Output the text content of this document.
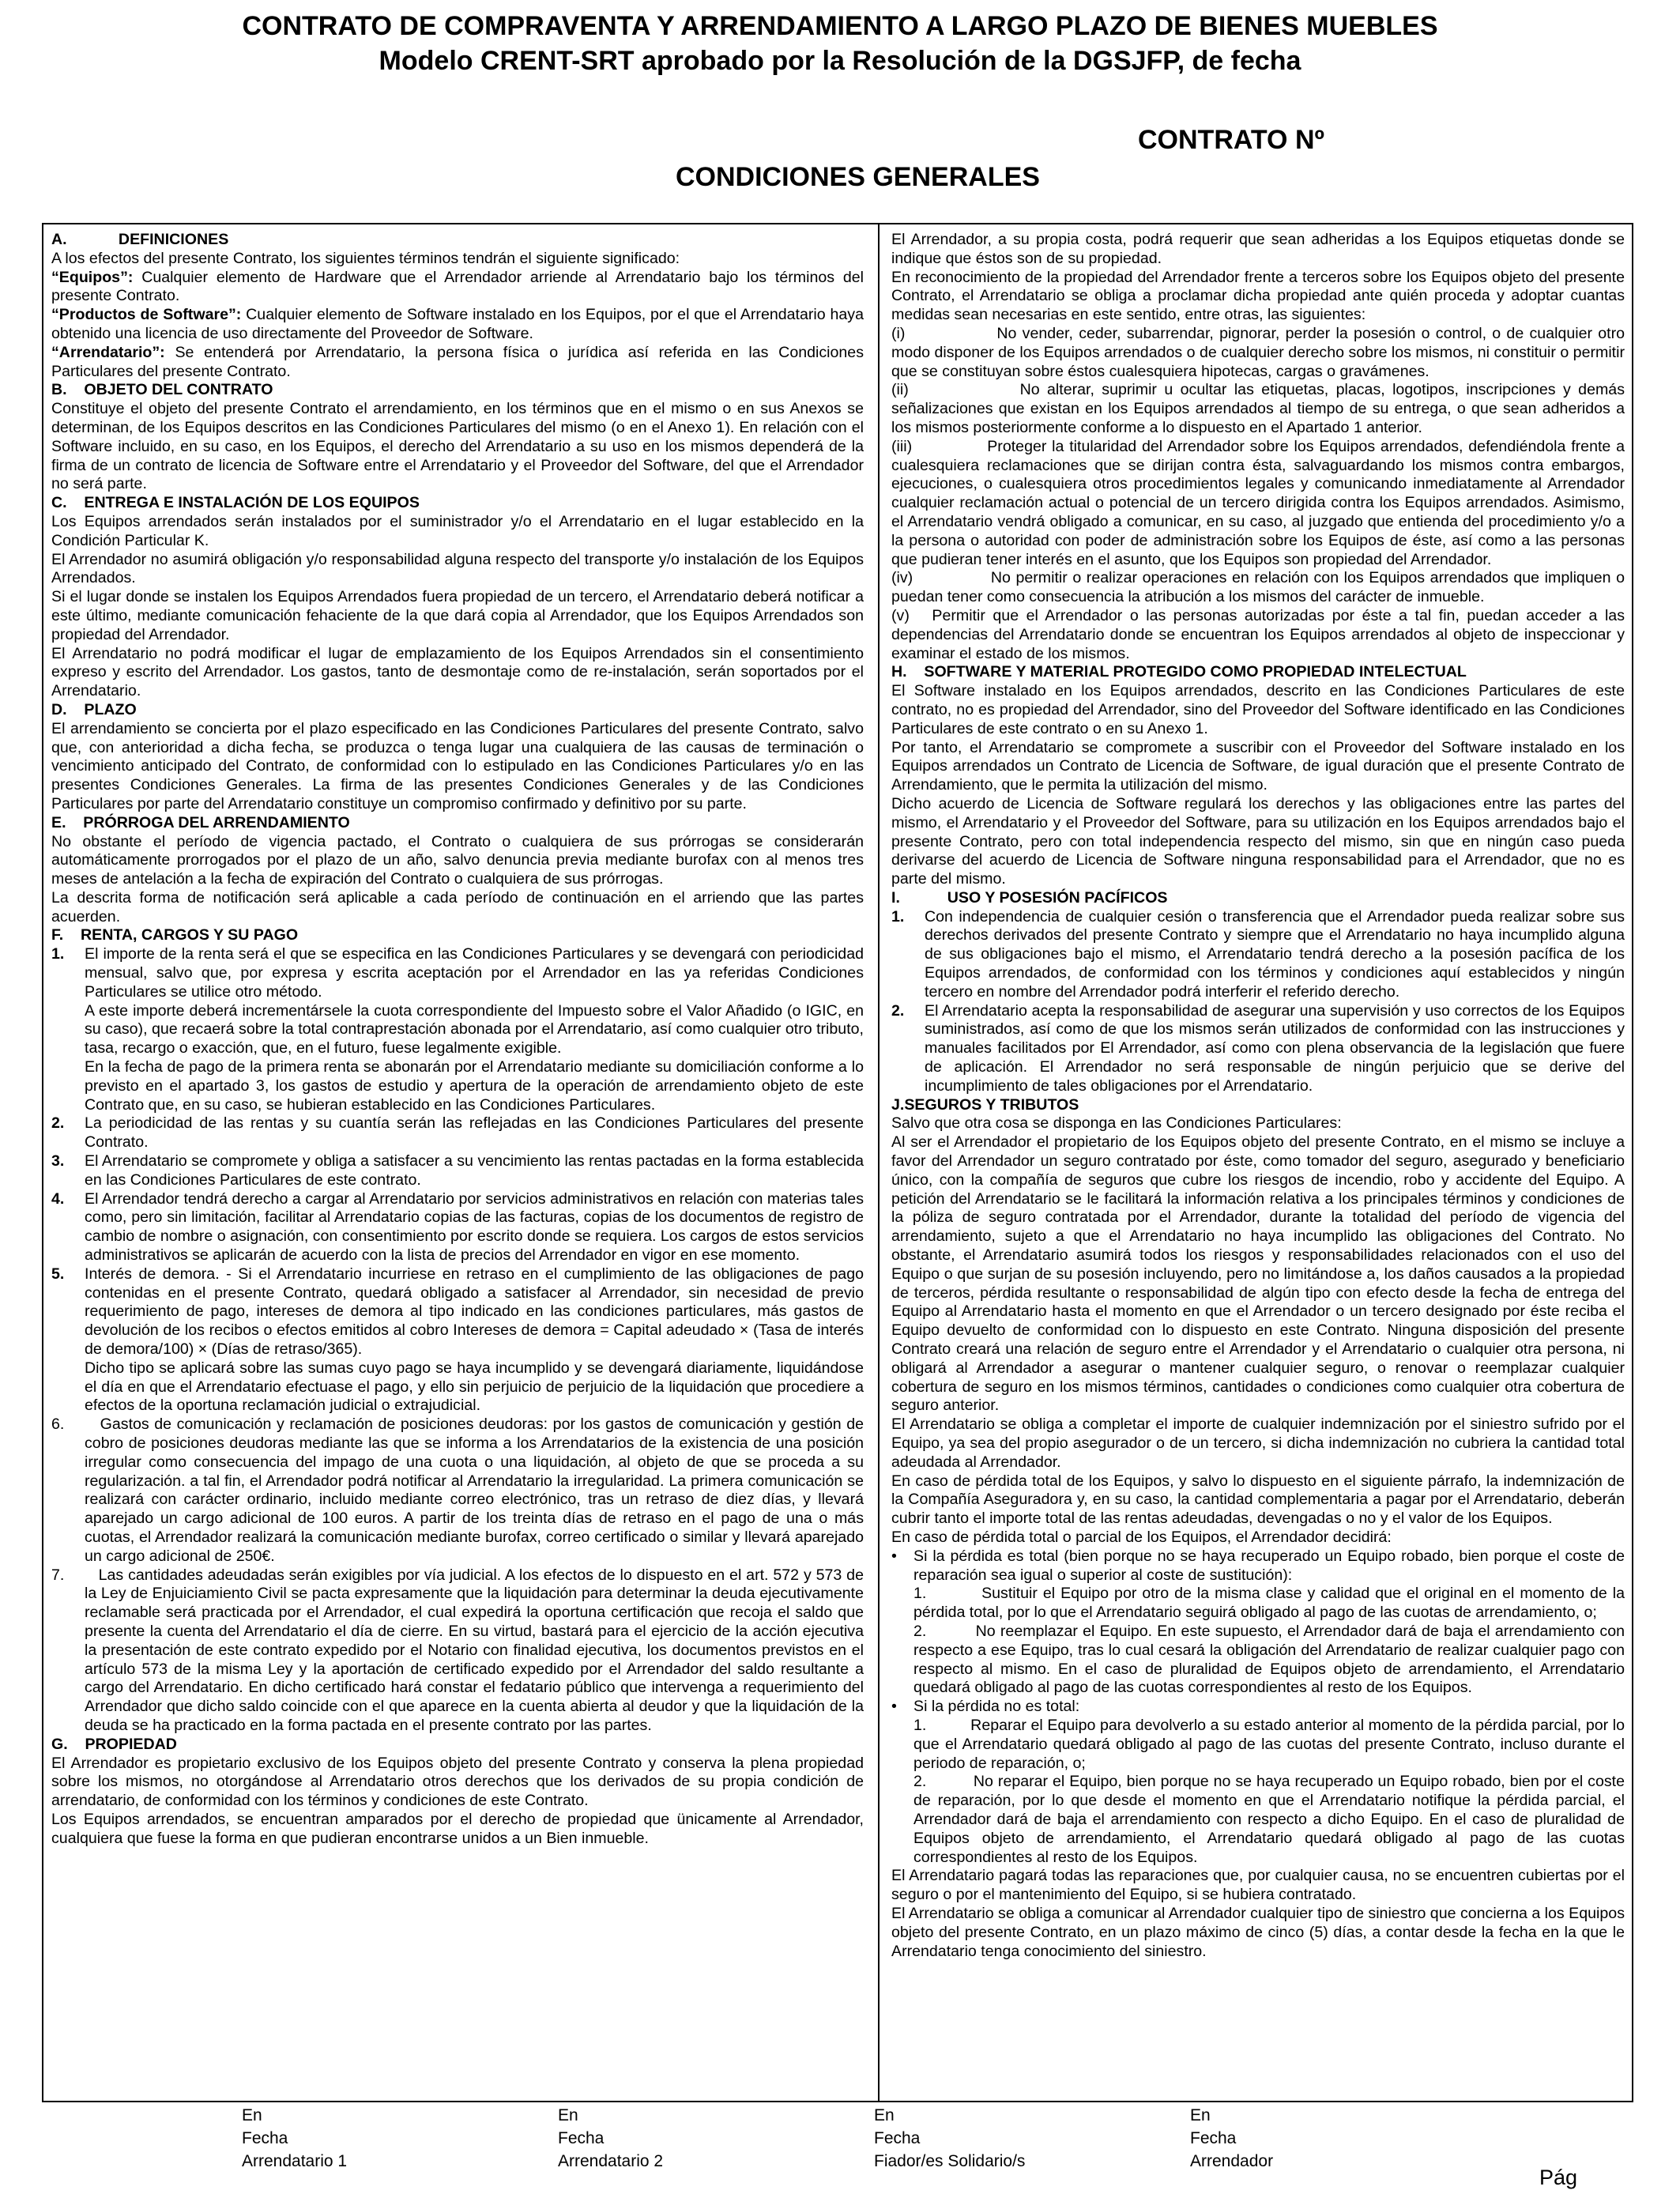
CONTRATO DE COMPRAVENTA Y ARRENDAMIENTO A LARGO PLAZO DE BIENES MUEBLES
Modelo CRENT-SRT aprobado por la Resolución de la DGSJFP, de fecha
CONTRATO Nº
CONDICIONES GENERALES

A.            DEFINICIONES

A los efectos del presente Contrato, los siguientes términos tendrán el siguiente significado:

“Equipos”: Cualquier elemento de Hardware que el Arrendador arriende al Arrendatario bajo los términos del presente Contrato.

“Productos de Software”: Cualquier elemento de Software instalado en los Equipos, por el que el Arrendatario haya obtenido una licencia de uso directamente del Proveedor de Software.

“Arrendatario”: Se entenderá por Arrendatario, la persona física o jurídica así referida en las Condiciones Particulares del presente Contrato.

B.    OBJETO DEL CONTRATO

Constituye el objeto del presente Contrato el arrendamiento, en los términos que en el mismo o en sus Anexos se determinan, de los Equipos descritos en las Condiciones Particulares del mismo (o en el Anexo 1). En relación con el Software incluido, en su caso, en los Equipos, el derecho del Arrendatario a su uso en los mismos dependerá de la firma de un contrato de licencia de Software entre el Arrendatario y el Proveedor del Software, del que el Arrendador no será parte.

C.    ENTREGA E INSTALACIÓN DE LOS EQUIPOS

Los Equipos arrendados serán instalados por el suministrador y/o el Arrendatario en el lugar establecido en la Condición Particular K.

El Arrendador no asumirá obligación y/o responsabilidad alguna respecto del transporte y/o instalación de los Equipos Arrendados.

Si el lugar donde se instalen los Equipos Arrendados fuera propiedad de un tercero, el Arrendatario deberá notificar a este último, mediante comunicación fehaciente de la que dará copia al Arrendador, que los Equipos Arrendados son propiedad del Arrendador.

El Arrendatario no podrá modificar el lugar de emplazamiento de los Equipos Arrendados sin el consentimiento expreso y escrito del Arrendador. Los gastos, tanto de desmontaje como de re-instalación, serán soportados por el Arrendatario.

D.    PLAZO

El arrendamiento se concierta por el plazo especificado en las Condiciones Particulares del presente Contrato, salvo que, con anterioridad a dicha fecha, se produzca o tenga lugar una cualquiera de las causas de terminación o vencimiento anticipado del Contrato, de conformidad con lo estipulado en las Condiciones Particulares y/o en las presentes Condiciones Generales. La firma de las presentes Condiciones Generales y de las Condiciones Particulares por parte del Arrendatario constituye un compromiso confirmado y definitivo por su parte.

E.    PRÓRROGA DEL ARRENDAMIENTO

No obstante el período de vigencia pactado, el Contrato o cualquiera de sus prórrogas se considerarán automáticamente prorrogados por el plazo de un año, salvo denuncia previa mediante burofax con al menos tres meses de antelación a la fecha de expiración del Contrato o cualquiera de sus prórrogas.

La descrita forma de notificación será aplicable a cada período de continuación en el arriendo que las partes acuerden.

F.    RENTA, CARGOS Y SU PAGO

1.	El importe de la renta será el que se especifica en las Condiciones Particulares y se devengará con periodicidad mensual, salvo que, por expresa y escrita aceptación por el Arrendador en las ya referidas Condiciones Particulares se utilice otro método.

A este importe deberá incrementársele la cuota correspondiente del Impuesto sobre el Valor Añadido (o IGIC, en su caso), que recaerá sobre la total contraprestación abonada por el Arrendatario, así como cualquier otro tributo, tasa, recargo o exacción, que, en el futuro, fuese legalmente exigible.

En la fecha de pago de la primera renta se abonarán por el Arrendatario mediante su domiciliación conforme a lo previsto en el apartado 3, los gastos de estudio y apertura de la operación de arrendamiento objeto de este Contrato que, en su caso, se hubieran establecido en las Condiciones Particulares.

2.	La periodicidad de las rentas y su cuantía serán las reflejadas en las Condiciones Particulares del presente Contrato.
3.	El Arrendatario se compromete y obliga a satisfacer a su vencimiento las rentas pactadas en la forma establecida en las Condiciones Particulares de este contrato.
4.	El Arrendador tendrá derecho a cargar al Arrendatario por servicios administrativos en relación con materias tales como, pero sin limitación, facilitar al Arrendatario copias de las facturas, copias de los documentos de registro de cambio de nombre o asignación, con consentimiento por escrito donde se requiera. Los cargos de estos servicios administrativos se aplicarán de acuerdo con la lista de precios del Arrendador en vigor en ese momento.
5.	Interés de demora. - Si el Arrendatario incurriese en retraso en el cumplimiento de las obligaciones de pago contenidas en el presente Contrato, quedará obligado a satisfacer al Arrendador, sin necesidad de previo requerimiento de pago, intereses de demora al tipo indicado en las condiciones particulares, más gastos de devolución de los recibos o efectos emitidos al cobro Intereses de demora = Capital adeudado × (Tasa de interés de demora/100) × (Días de retraso/365).

Dicho tipo se aplicará sobre las sumas cuyo pago se haya incumplido y se devengará diariamente, liquidándose el día en que el Arrendatario efectuase el pago, y ello sin perjuicio de perjuicio de la liquidación que procediere a efectos de la oportuna reclamación judicial o extrajudicial.

6.	Gastos de comunicación y reclamación de posiciones deudoras: por los gastos de comunicación y gestión de cobro de posiciones deudoras mediante las que se informa a los Arrendatarios de la existencia de una posición irregular como consecuencia del impago de una cuota o una liquidación, al objeto de que se proceda a su regularización. a tal fin, el Arrendador podrá notificar al Arrendatario la irregularidad. La primera comunicación se realizará con carácter ordinario, incluido mediante correo electrónico, tras un retraso de diez días, y llevará aparejado un cargo adicional de 100 euros. A partir de los treinta días de retraso en el pago de una o más cuotas, el Arrendador realizará la comunicación mediante burofax, correo certificado o similar y llevará aparejado un cargo adicional de 250€.
7.	Las cantidades adeudadas serán exigibles por vía judicial. A los efectos de lo dispuesto en el art. 572 y 573 de la Ley de Enjuiciamiento Civil se pacta expresamente que la liquidación para determinar la deuda ejecutivamente reclamable será practicada por el Arrendador, el cual expedirá la oportuna certificación que recoja el saldo que presente la cuenta del Arrendatario el día de cierre. En su virtud, bastará para el ejercicio de la acción ejecutiva la presentación de este contrato expedido por el Notario con finalidad ejecutiva, los documentos previstos en el artículo 573 de la misma Ley y la aportación de certificado expedido por el Arrendador del saldo resultante a cargo del Arrendatario. En dicho certificado hará constar el fedatario público que intervenga a requerimiento del Arrendador que dicho saldo coincide con el que aparece en la cuenta abierta al deudor y que la liquidación de la deuda se ha practicado en la forma pactada en el presente contrato por las partes.

G.    PROPIEDAD

El Arrendador es propietario exclusivo de los Equipos objeto del presente Contrato y conserva la plena propiedad sobre los mismos, no otorgándose al Arrendatario otros derechos que los derivados de su propia condición de arrendatario, de conformidad con los términos y condiciones de este Contrato.

Los Equipos arrendados, se encuentran amparados por el derecho de propiedad que ünicamente al Arrendador, cualquiera que fuese la forma en que pudieran encontrarse unidos a un Bien inmueble.

El Arrendador, a su propia costa, podrá requerir que sean adheridas a los Equipos etiquetas donde se indique que éstos son de su propiedad.

En reconocimiento de la propiedad del Arrendador frente a terceros sobre los Equipos objeto del presente Contrato, el Arrendatario se obliga a proclamar dicha propiedad ante quién proceda y adoptar cuantas medidas sean necesarias en este sentido, entre otras, las siguientes:

(i)                No vender, ceder, subarrendar, pignorar, perder la posesión o control, o de cualquier otro modo disponer de los Equipos arrendados o de cualquier derecho sobre los mismos, ni constituir o permitir que se constituyan sobre éstos cualesquiera hipotecas, cargas o gravámenes.

(ii)               No alterar, suprimir u ocultar las etiquetas, placas, logotipos, inscripciones y demás señalizaciones que existan en los Equipos arrendados al tiempo de su entrega, o que sean adheridos a los mismos posteriormente conforme a lo dispuesto en el Apartado 1 anterior.

(iii)              Proteger la titularidad del Arrendador sobre los Equipos arrendados, defendiéndola frente a cualesquiera reclamaciones que se dirijan contra ésta, salvaguardando los mismos contra embargos, ejecuciones, o cualesquiera otros procedimientos legales y comunicando inmediatamente al Arrendador cualquier reclamación actual o potencial de un tercero dirigida contra los Equipos arrendados. Asimismo, el Arrendatario vendrá obligado a comunicar, en su caso, al juzgado que entienda del procedimiento y/o a la persona o autoridad con poder de administración sobre los Equipos de éste, así como a las personas que pudieran tener interés en el asunto, que los Equipos son propiedad del Arrendador.

(iv)               No permitir o realizar operaciones en relación con los Equipos arrendados que impliquen o puedan tener como consecuencia la atribución a los mismos del carácter de inmueble.

(v)   Permitir que el Arrendador o las personas autorizadas por éste a tal fin, puedan acceder a las dependencias del Arrendatario donde se encuentran los Equipos arrendados al objeto de inspeccionar y examinar el estado de los mismos.

H.    SOFTWARE Y MATERIAL PROTEGIDO COMO PROPIEDAD INTELECTUAL

El Software instalado en los Equipos arrendados, descrito en las Condiciones Particulares de este contrato, no es propiedad del Arrendador, sino del Proveedor del Software identificado en las Condiciones Particulares de este contrato o en su Anexo 1.

Por tanto, el Arrendatario se compromete a suscribir con el Proveedor del Software instalado en los Equipos arrendados un Contrato de Licencia de Software, de igual duración que el presente Contrato de Arrendamiento, que le permita la utilización del mismo.

Dicho acuerdo de Licencia de Software regulará los derechos y las obligaciones entre las partes del mismo, el Arrendatario y el Proveedor del Software, para su utilización en los Equipos arrendados bajo el presente Contrato, pero con total independencia respecto del mismo, sin que en ningún caso pueda derivarse del acuerdo de Licencia de Software ninguna responsabilidad para el Arrendador, que no es parte del mismo.

I.           USO Y POSESIÓN PACÍFICOS

1.	Con independencia de cualquier cesión o transferencia que el Arrendador pueda realizar sobre sus derechos derivados del presente Contrato y siempre que el Arrendatario no haya incumplido alguna de sus obligaciones bajo el mismo, el Arrendatario tendrá derecho a la posesión pacífica de los Equipos arrendados, de conformidad con los términos y condiciones aquí establecidos y ningún tercero en nombre del Arrendador podrá interferir el referido derecho.
2.	El Arrendatario acepta la responsabilidad de asegurar una supervisión y uso correctos de los Equipos suministrados, así como de que los mismos serán utilizados de conformidad con las instrucciones y manuales facilitados por El Arrendador, así como con plena observancia de la legislación que fuere de aplicación. El Arrendador no será responsable de ningún perjuicio que se derive del incumplimiento de tales obligaciones por el Arrendatario.

J.SEGUROS Y TRIBUTOS

Salvo que otra cosa se disponga en las Condiciones Particulares:

Al ser el Arrendador el propietario de los Equipos objeto del presente Contrato, en el mismo se incluye a favor del Arrendador un seguro contratado por éste, como tomador del seguro, asegurado y beneficiario único, con la compañía de seguros que cubre los riesgos de incendio, robo y accidente del Equipo. A petición del Arrendatario se le facilitará la información relativa a los principales términos y condiciones de la póliza de seguro contratada por el Arrendador, durante la totalidad del período de vigencia del arrendamiento, sujeto a que el Arrendatario no haya incumplido las obligaciones del Contrato. No obstante, el Arrendatario asumirá todos los riesgos y responsabilidades relacionados con el uso del Equipo o que surjan de su posesión incluyendo, pero no limitándose a, los daños causados a la propiedad de terceros, pérdida resultante o responsabilidad de algún tipo con efecto desde la fecha de entrega del Equipo al Arrendatario hasta el momento en que el Arrendador o un tercero designado por éste reciba el Equipo devuelto de conformidad con lo dispuesto en este Contrato. Ninguna disposición del presente Contrato creará una relación de seguro entre el Arrendador y el Arrendatario o cualquier otra persona, ni obligará al Arrendador a asegurar o mantener cualquier seguro, o renovar o reemplazar cualquier cobertura de seguro en los mismos términos, cantidades o condiciones como cualquier otra cobertura de seguro anterior.

El Arrendatario se obliga a completar el importe de cualquier indemnización por el siniestro sufrido por el Equipo, ya sea del propio asegurador o de un tercero, si dicha indemnización no cubriera la cantidad total adeudada al Arrendador.

En caso de pérdida total de los Equipos, y salvo lo dispuesto en el siguiente párrafo, la indemnización de la Compañía Aseguradora y, en su caso, la cantidad complementaria a pagar por el Arrendatario, deberán cubrir tanto el importe total de las rentas adeudadas, devengadas o no y el valor de los Equipos.

En caso de pérdida total o parcial de los Equipos, el Arrendador decidirá:

•	Si la pérdida es total (bien porque no se haya recuperado un Equipo robado, bien porque el coste de reparación sea igual o superior al coste de sustitución):

1.          Sustituir el Equipo por otro de la misma clase y calidad que el original en el momento de la pérdida total, por lo que el Arrendatario seguirá obligado al pago de las cuotas de arrendamiento, o;

2.          No reemplazar el Equipo. En este supuesto, el Arrendador dará de baja el arrendamiento con respecto a ese Equipo, tras lo cual cesará la obligación del Arrendatario de realizar cualquier pago con respecto al mismo. En el caso de pluralidad de Equipos objeto de arrendamiento, el Arrendatario quedará obligado al pago de las cuotas correspondientes al resto de los Equipos.

•	Si la pérdida no es total:

1.          Reparar el Equipo para devolverlo a su estado anterior al momento de la pérdida parcial, por lo que el Arrendatario quedará obligado al pago de las cuotas del presente Contrato, incluso durante el periodo de reparación, o;

2.          No reparar el Equipo, bien porque no se haya recuperado un Equipo robado, bien por el coste de reparación, por lo que desde el momento en que el Arrendatario notifique la pérdida parcial, el Arrendador dará de baja el arrendamiento con respecto a dicho Equipo. En el caso de pluralidad de Equipos objeto de arrendamiento, el Arrendatario quedará obligado al pago de las cuotas correspondientes al resto de los Equipos.

El Arrendatario pagará todas las reparaciones que, por cualquier causa, no se encuentren cubiertas por el seguro o por el mantenimiento del Equipo, si se hubiera contratado.

El Arrendatario se obliga a comunicar al Arrendador cualquier tipo de siniestro que concierna a los Equipos objeto del presente Contrato, en un plazo máximo de cinco (5) días, a contar desde la fecha en la que le Arrendatario tenga conocimiento del siniestro.

En
Fecha
Arrendatario 1
En
Fecha
Arrendatario 2
En
Fecha
Fiador/es Solidario/s
En
Fecha
Arrendador
Pág
